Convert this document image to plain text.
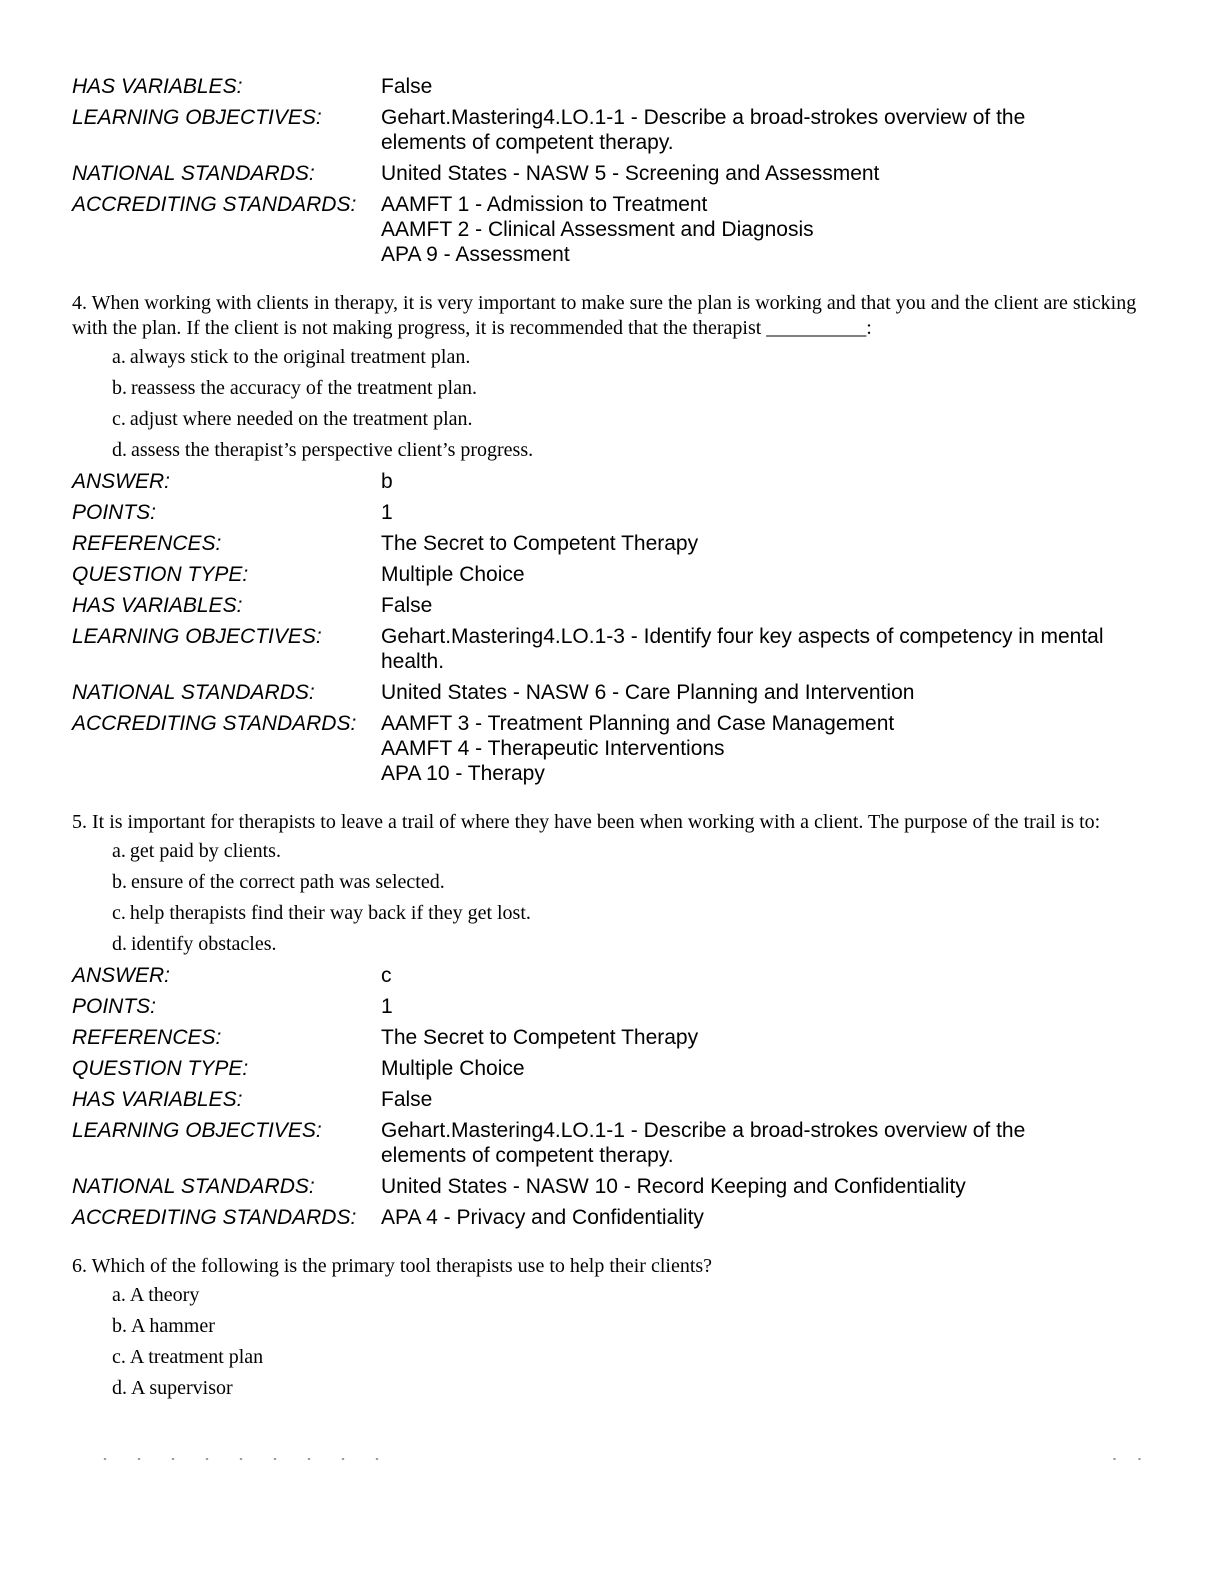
HAS VARIABLES:	False
LEARNING OBJECTIVES:	Gehart.Mastering4.LO.1-1 - Describe a broad-strokes overview of the
elements of competent therapy.
NATIONAL STANDARDS:	United States - NASW 5 - Screening and Assessment
ACCREDITING STANDARDS:	AAMFT 1 - Admission to Treatment
AAMFT 2 - Clinical Assessment and Diagnosis
APA 9 - Assessment
4. When working with clients in therapy, it is very important to make sure the plan is working and that you and the client are sticking with the plan. If the client is not making progress, it is recommended that the therapist __________:
a. always stick to the original treatment plan.
b. reassess the accuracy of the treatment plan.
c. adjust where needed on the treatment plan.
d. assess the therapist’s perspective client’s progress.
ANSWER:	b
POINTS:	1
REFERENCES:	The Secret to Competent Therapy
QUESTION TYPE:	Multiple Choice
HAS VARIABLES:	False
LEARNING OBJECTIVES:	Gehart.Mastering4.LO.1-3 - Identify four key aspects of competency in mental
health.
NATIONAL STANDARDS:	United States - NASW 6 - Care Planning and Intervention
ACCREDITING STANDARDS:	AAMFT 3 - Treatment Planning and Case Management
AAMFT 4 - Therapeutic Interventions
APA 10 - Therapy
5. It is important for therapists to leave a trail of where they have been when working with a client. The purpose of the trail is to:
a. get paid by clients.
b. ensure of the correct path was selected.
c. help therapists find their way back if they get lost.
d. identify obstacles.
ANSWER:	c
POINTS:	1
REFERENCES:	The Secret to Competent Therapy
QUESTION TYPE:	Multiple Choice
HAS VARIABLES:	False
LEARNING OBJECTIVES:	Gehart.Mastering4.LO.1-1 - Describe a broad-strokes overview of the
elements of competent therapy.
NATIONAL STANDARDS:	United States - NASW 10 - Record Keeping and Confidentiality
ACCREDITING STANDARDS:	APA 4 - Privacy and Confidentiality
6. Which of the following is the primary tool therapists use to help their clients?
a. A theory
b. A hammer
c. A treatment plan
d. A supervisor
